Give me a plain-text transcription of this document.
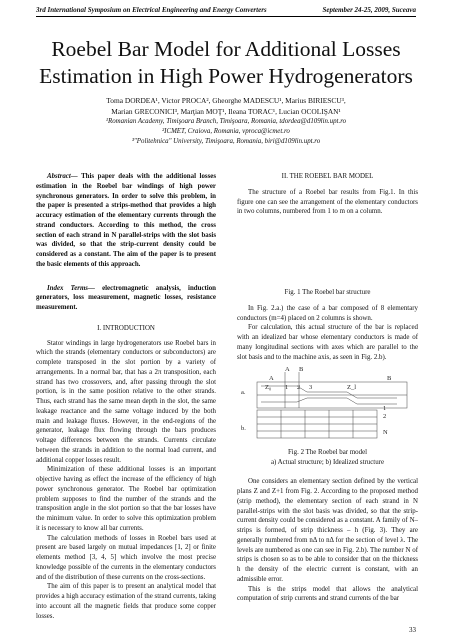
3rd International Symposium on Electrical Engineering and Energy Converters	September 24-25, 2009, Suceava
Roebel Bar Model for Additional Losses Estimation in High Power Hydrogenerators
Toma DORDEA¹, Victor PROCA², Gheorghe MADESCU¹, Marius BIRIESCU³,
Marian GRECONICI³, Marţian MOŢ¹, Ileana TORAC¹, Lucian OCOLIŞAN¹
¹Romanian Academy, Timişoara Branch, Timişoara, Romania, tdordea@d109lin.upt.ro
²ICMET, Craiova, Romania, vproca@icmet.ro
³"Politehnica" University, Timişoara, Romania, biri@d109lin.upt.ro

Abstract— This paper deals with the additional losses estimation in the Roebel bar windings of high power synchronous generators. In order to solve this problem, in the paper is presented a strips-method that provides a high accuracy estimation of the elementary currents through the strand conductors. According to this method, the cross section of each strand in N parallel-strips with the slot basis was divided, so that the strip-current density could be considered as a constant. The aim of the paper is to present the basic elements of this approach.

Index Terms— electromagnetic analysis, induction generators, loss measurement, magnetic losses, resistance measurement.

I. INTRODUCTION

Stator windings in large hydrogenerators use Roebel bars in which the strands (elementary conductors or subconductors) are complete transposed in the slot portion by a variety of arrangements. In a normal bar, that has a 2π transposition, each strand has two crossovers, and, after passing through the slot portion, is in the same position relative to the other strands. Thus, each strand has the same mean depth in the slot, the same leakage reactance and the same voltage induced by the both main and leakage fluxes. However, in the end-regions of the generator, leakage flux flowing through the bars produces voltage differences between the strands. Currents circulate between the strands in addition to the normal load current, and additional copper losses result.

Minimization of these additional losses is an important objective having as effect the increase of the efficiency of high power synchronous generator. The Roebel bar optimization problem supposes to find the number of the strands and the transposition angle in the slot portion so that the bar losses have the minimum value. In order to solve this optimization problem it is necessary to know all bar currents.

The calculation methods of losses in Roebel bars used at present are based largely on mutual impedances [1, 2] or finite elements method [3, 4, 5] which involve the most precise knowledge possible of the currents in the elementary conductors and of the distribution of these currents on the cross-sections.

The aim of this paper is to present an analytical model that provides a high accuracy estimation of the strand currents, taking into account all the magnetic fields that produce some copper losses.

II. THE ROEBEL BAR MODEL

The structure of a Roebel bar results from Fig.1. In this figure one can see the arrangement of the elementary conductors in two columns, numbered from 1 to m on a column.

Fig. 1 The Roebel bar structure

In Fig. 2.a.) the case of a bar composed of 8 elementary conductors (m=4) placed on 2 columns is shown.

For calculation, this actual structure of the bar is replaced with an idealized bar whose elementary conductors is made of many longitudinal sections with axes which are parallel to the slot basis and to the machine axis, as seen in Fig. 2.b).

A B
A	B
a.
b.
Z₀ 1 2 3	Z_l
1
2
N
Fig. 2 The Roebel bar model
a) Actual structure; b) Idealized structure

One considers an elementary section defined by the vertical plans Z and Z+1 from Fig. 2. According to the proposed method (strip method), the elementary section of each strand in N parallel-strips with the slot basis was divided, so that the strip-current density could be considered as a constant. A family of N–strips is formed, of strip thickness – h (Fig. 3). They are generally numbered from nΔ to nΔ for the section of level λ. The levels are numbered as one can see in Fig. 2.b). The number N of strips is chosen so as to be able to consider that on the thickness h the density of the electric current is constant, with an admissible error.

This is the strips model that allows the analytical computation of strip currents and strand currents of the bar

33
